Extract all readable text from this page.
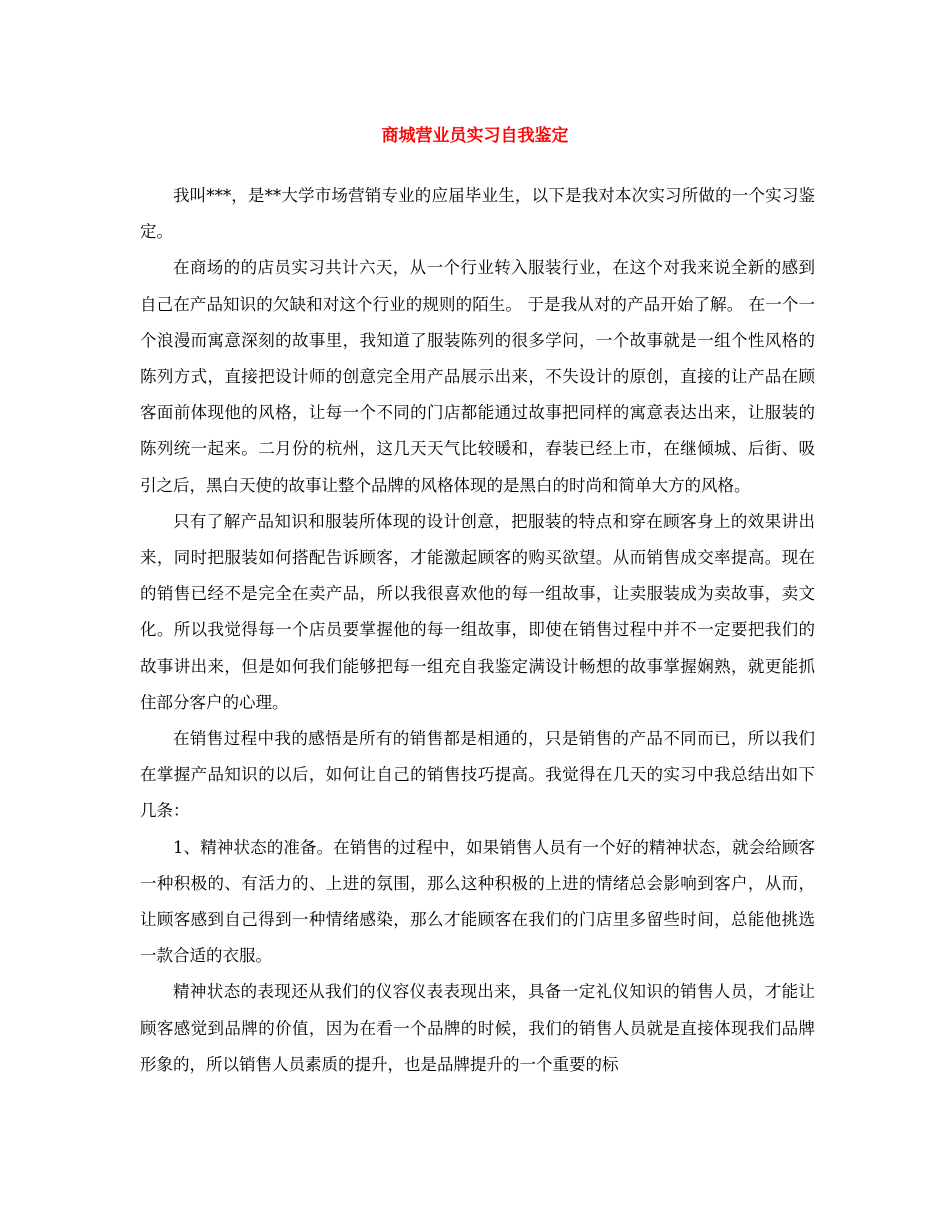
商城营业员实习自我鉴定

我叫***，是**大学市场营销专业的应届毕业生，以下是我对本次实习所做的一个实习鉴定。

在商场的的店员实习共计六天，从一个行业转入服装行业，在这个对我来说全新的感到自己在产品知识的欠缺和对这个行业的规则的陌生。 于是我从对的产品开始了解。 在一个一个浪漫而寓意深刻的故事里，我知道了服装陈列的很多学问，一个故事就是一组个性风格的陈列方式，直接把设计师的创意完全用产品展示出来，不失设计的原创，直接的让产品在顾客面前体现他的风格，让每一个不同的门店都能通过故事把同样的寓意表达出来，让服装的陈列统一起来。二月份的杭州，这几天天气比较暖和，春装已经上市，在继倾城、后街、吸引之后，黑白天使的故事让整个品牌的风格体现的是黑白的时尚和简单大方的风格。

只有了解产品知识和服装所体现的设计创意，把服装的特点和穿在顾客身上的效果讲出来，同时把服装如何搭配告诉顾客，才能激起顾客的购买欲望。从而销售成交率提高。现在的销售已经不是完全在卖产品，所以我很喜欢他的每一组故事，让卖服装成为卖故事，卖文化。所以我觉得每一个店员要掌握他的每一组故事，即使在销售过程中并不一定要把我们的故事讲出来，但是如何我们能够把每一组充自我鉴定满设计畅想的故事掌握娴熟，就更能抓住部分客户的心理。

在销售过程中我的感悟是所有的销售都是相通的，只是销售的产品不同而已，所以我们在掌握产品知识的以后，如何让自己的销售技巧提高。我觉得在几天的实习中我总结出如下几条：

1、精神状态的准备。在销售的过程中，如果销售人员有一个好的精神状态，就会给顾客一种积极的、有活力的、上进的氛围，那么这种积极的上进的情绪总会影响到客户，从而，让顾客感到自己得到一种情绪感染，那么才能顾客在我们的门店里多留些时间，总能他挑选一款合适的衣服。

精神状态的表现还从我们的仪容仪表表现出来，具备一定礼仪知识的销售人员，才能让顾客感觉到品牌的价值，因为在看一个品牌的时候，我们的销售人员就是直接体现我们品牌形象的，所以销售人员素质的提升，也是品牌提升的一个重要的标
